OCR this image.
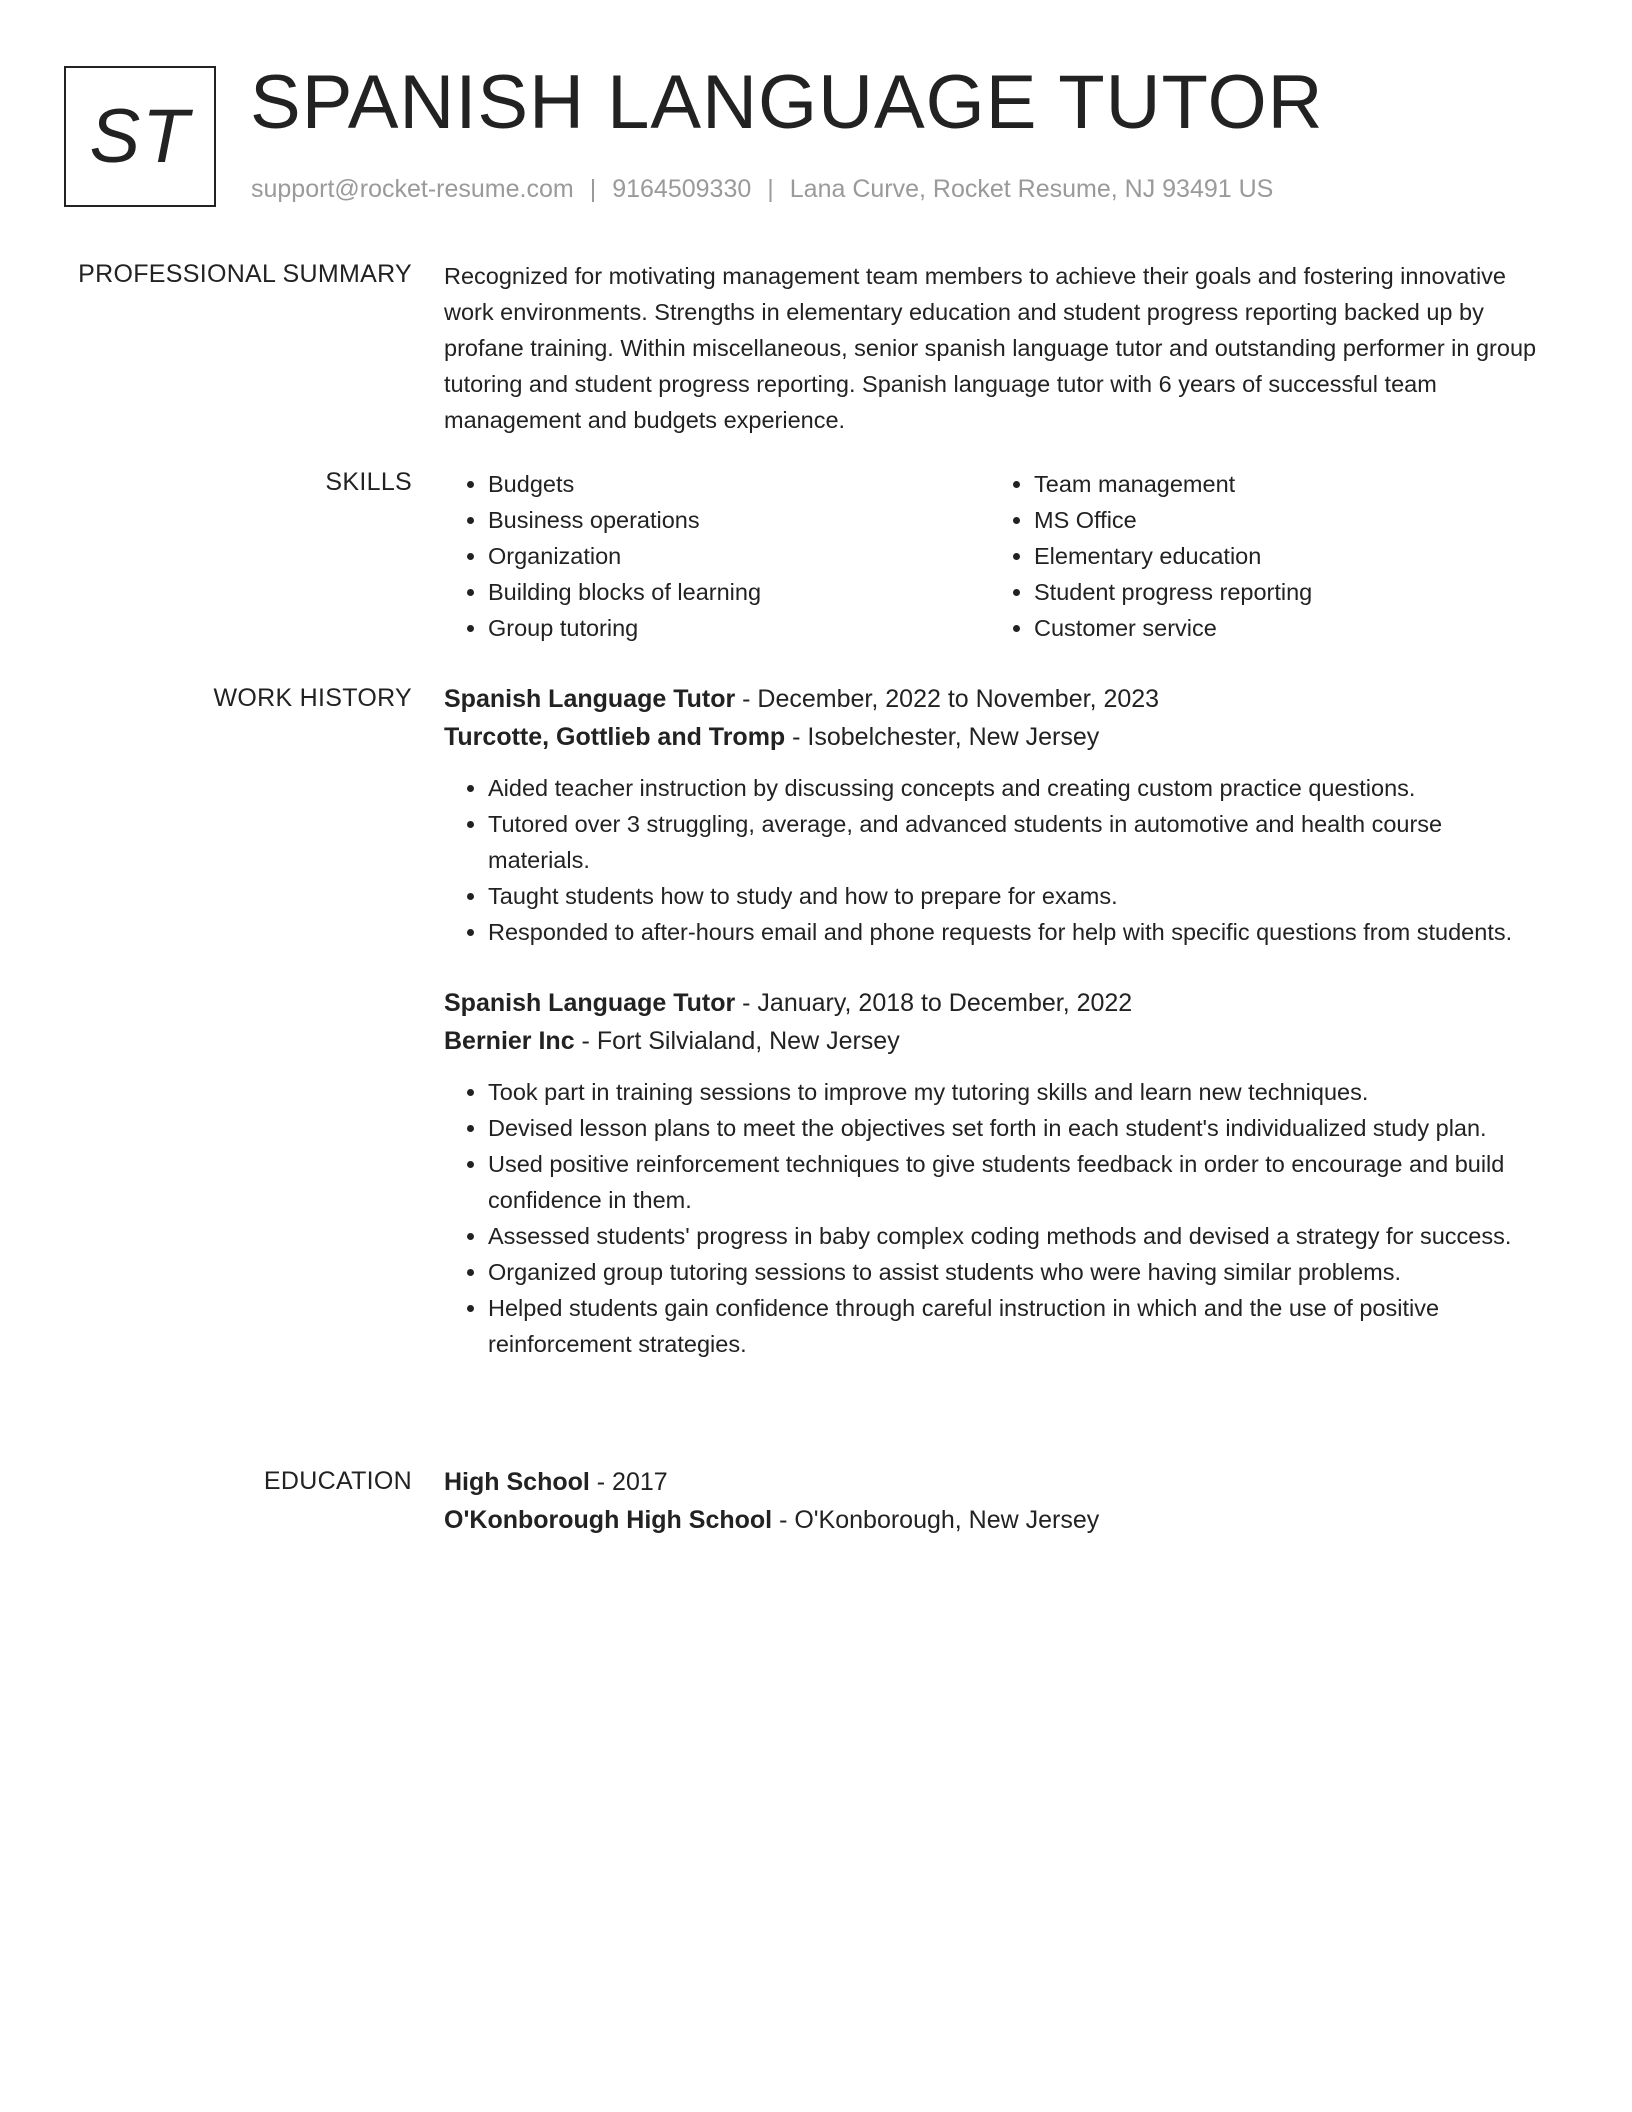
ST SPANISH LANGUAGE TUTOR
support@rocket-resume.com | 9164509330 | Lana Curve, Rocket Resume, NJ 93491 US
PROFESSIONAL SUMMARY Recognized for motivating management team members to achieve their goals and fostering innovative work environments. Strengths in elementary education and student progress reporting backed up by profane training. Within miscellaneous, senior spanish language tutor and outstanding performer in group tutoring and student progress reporting. Spanish language tutor with 6 years of successful team management and budgets experience.

SKILLS
•	Budgets
• Business operations
• Organization
• Building blocks of learning
• Group tutoring
• Team management
• MS Office
• Elementary education
• Student progress reporting
• Customer service
WORK HISTORY Spanish Language Tutor - December, 2022 to November, 2023
Turcotte, Gottlieb and Tromp - Isobelchester, New Jersey
• Aided teacher instruction by discussing concepts and creating custom practice questions.
• Tutored over 3 struggling, average, and advanced students in automotive and health course materials.
• Taught students how to study and how to prepare for exams.
• Responded to after-hours email and phone requests for help with specific questions from students.
Spanish Language Tutor - January, 2018 to December, 2022
Bernier Inc - Fort Silvialand, New Jersey
• Took part in training sessions to improve my tutoring skills and learn new techniques.
• Devised lesson plans to meet the objectives set forth in each student's individualized study plan.
• Used positive reinforcement techniques to give students feedback in order to encourage and build confidence in them.
• Assessed students' progress in baby complex coding methods and devised a strategy for success.
• Organized group tutoring sessions to assist students who were having similar problems.
• Helped students gain confidence through careful instruction in which and the use of positive reinforcement strategies.
EDUCATION High School - 2017
O'Konborough High School - O'Konborough, New Jersey
